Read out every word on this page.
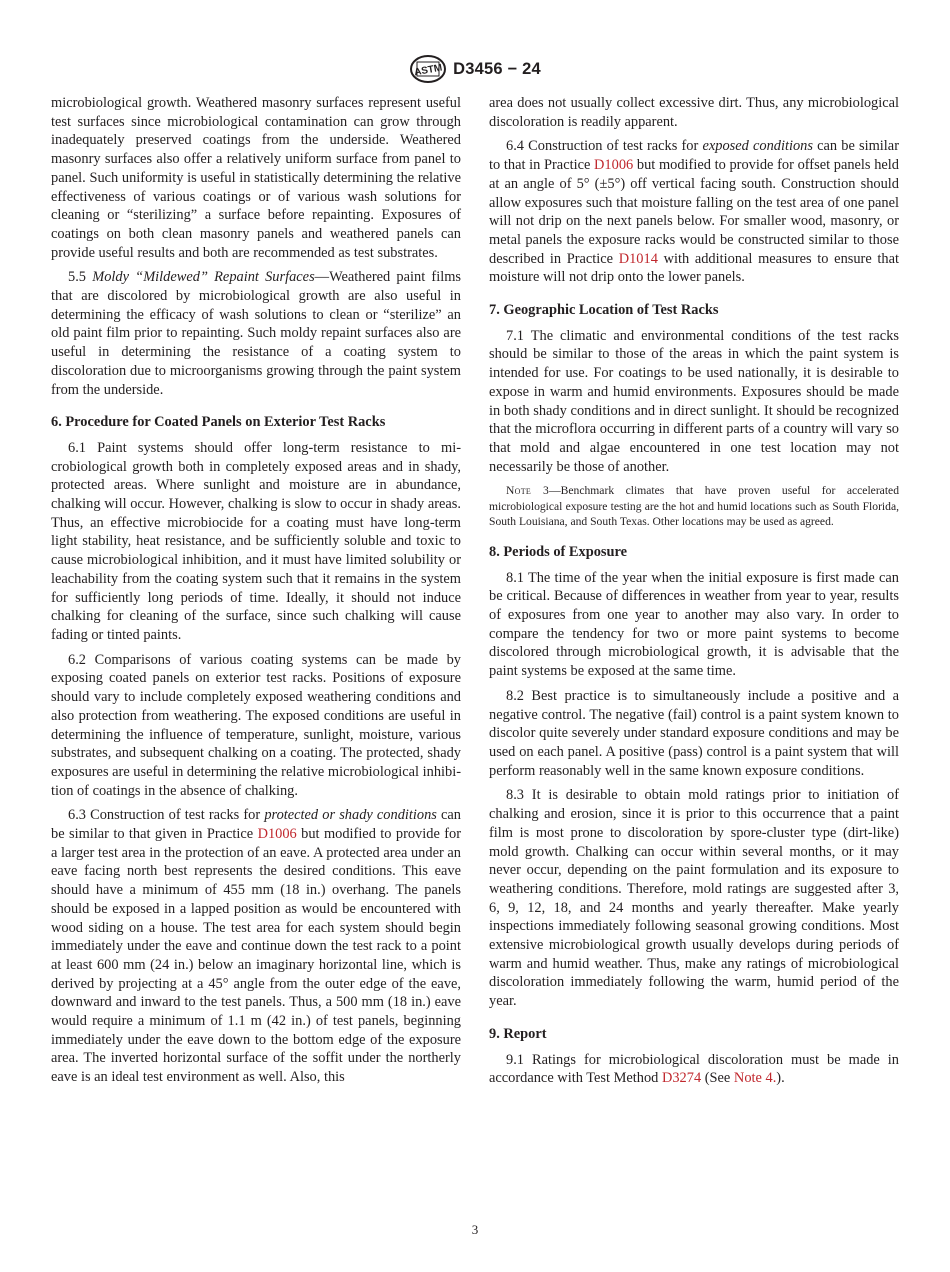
ASTM D3456 − 24

microbiological growth. Weathered masonry surfaces represent useful test surfaces since microbiological contamination can grow through inadequately preserved coatings from the underside. Weathered masonry surfaces also offer a relatively uniform surface from panel to panel. Such uniformity is useful in statistically determining the relative effectiveness of various coatings or of various wash solutions for cleaning or “sterilizing” a surface before repainting. Exposures of coatings on both clean masonry panels and weathered panels can provide useful results and both are recommended as test substrates.

5.5 Moldy “Mildewed” Repaint Surfaces—Weathered paint films that are discolored by microbiological growth are also useful in determining the efficacy of wash solutions to clean or “sterilize” an old paint film prior to repainting. Such moldy repaint surfaces also are useful in determining the resistance of a coating system to discoloration due to microorganisms growing through the paint system from the underside.

6. Procedure for Coated Panels on Exterior Test Racks

6.1 Paint systems should offer long-term resistance to microbiological growth both in completely exposed areas and in shady, protected areas. Where sunlight and moisture are in abundance, chalking will occur. However, chalking is slow to occur in shady areas. Thus, an effective microbiocide for a coating must have long-term light stability, heat resistance, and be sufficiently soluble and toxic to cause microbiological inhibition, and it must have limited solubility or leachability from the coating system such that it remains in the system for sufficiently long periods of time. Ideally, it should not induce chalking for cleaning of the surface, since such chalking will cause fading or tinted paints.

6.2 Comparisons of various coating systems can be made by exposing coated panels on exterior test racks. Positions of exposure should vary to include completely exposed weathering conditions and also protection from weathering. The exposed conditions are useful in determining the influence of temperature, sunlight, moisture, various substrates, and subsequent chalking on a coating. The protected, shady exposures are useful in determining the relative microbiological inhibition of coatings in the absence of chalking.

6.3 Construction of test racks for protected or shady conditions can be similar to that given in Practice D1006 but modified to provide for a larger test area in the protection of an eave. A protected area under an eave facing north best represents the desired conditions. This eave should have a minimum of 455 mm (18 in.) overhang. The panels should be exposed in a lapped position as would be encountered with wood siding on a house. The test area for each system should begin immediately under the eave and continue down the test rack to a point at least 600 mm (24 in.) below an imaginary horizontal line, which is derived by projecting at a 45° angle from the outer edge of the eave, downward and inward to the test panels. Thus, a 500 mm (18 in.) eave would require a minimum of 1.1 m (42 in.) of test panels, beginning immediately under the eave down to the bottom edge of the exposure area. The inverted horizontal surface of the soffit under the northerly eave is an ideal test environment as well. Also, this

area does not usually collect excessive dirt. Thus, any microbiological discoloration is readily apparent.

6.4 Construction of test racks for exposed conditions can be similar to that in Practice D1006 but modified to provide for offset panels held at an angle of 5° (±5°) off vertical facing south. Construction should allow exposures such that moisture falling on the test area of one panel will not drip on the next panels below. For smaller wood, masonry, or metal panels the exposure racks would be constructed similar to those described in Practice D1014 with additional measures to ensure that moisture will not drip onto the lower panels.

7. Geographic Location of Test Racks

7.1 The climatic and environmental conditions of the test racks should be similar to those of the areas in which the paint system is intended for use. For coatings to be used nationally, it is desirable to expose in warm and humid environments. Exposures should be made in both shady conditions and in direct sunlight. It should be recognized that the microflora occurring in different parts of a country will vary so that mold and algae encountered in one test location may not necessarily be those of another.

Note 3—Benchmark climates that have proven useful for accelerated microbiological exposure testing are the hot and humid locations such as South Florida, South Louisiana, and South Texas. Other locations may be used as agreed.
8. Periods of Exposure

8.1 The time of the year when the initial exposure is first made can be critical. Because of differences in weather from year to year, results of exposures from one year to another may also vary. In order to compare the tendency for two or more paint systems to become discolored through microbiological growth, it is advisable that the paint systems be exposed at the same time.

8.2 Best practice is to simultaneously include a positive and a negative control. The negative (fail) control is a paint system known to discolor quite severely under standard exposure conditions and may be used on each panel. A positive (pass) control is a paint system that will perform reasonably well in the same known exposure conditions.

8.3 It is desirable to obtain mold ratings prior to initiation of chalking and erosion, since it is prior to this occurrence that a paint film is most prone to discoloration by spore-cluster type (dirt-like) mold growth. Chalking can occur within several months, or it may never occur, depending on the paint formulation and its exposure to weathering conditions. Therefore, mold ratings are suggested after 3, 6, 9, 12, 18, and 24 months and yearly thereafter. Make yearly inspections immediately following seasonal growing conditions. Most extensive microbiological growth usually develops during periods of warm and humid weather. Thus, make any ratings of microbiological discoloration immediately following the warm, humid period of the year.

9. Report

9.1 Ratings for microbiological discoloration must be made in accordance with Test Method D3274 (See Note 4.).

3
